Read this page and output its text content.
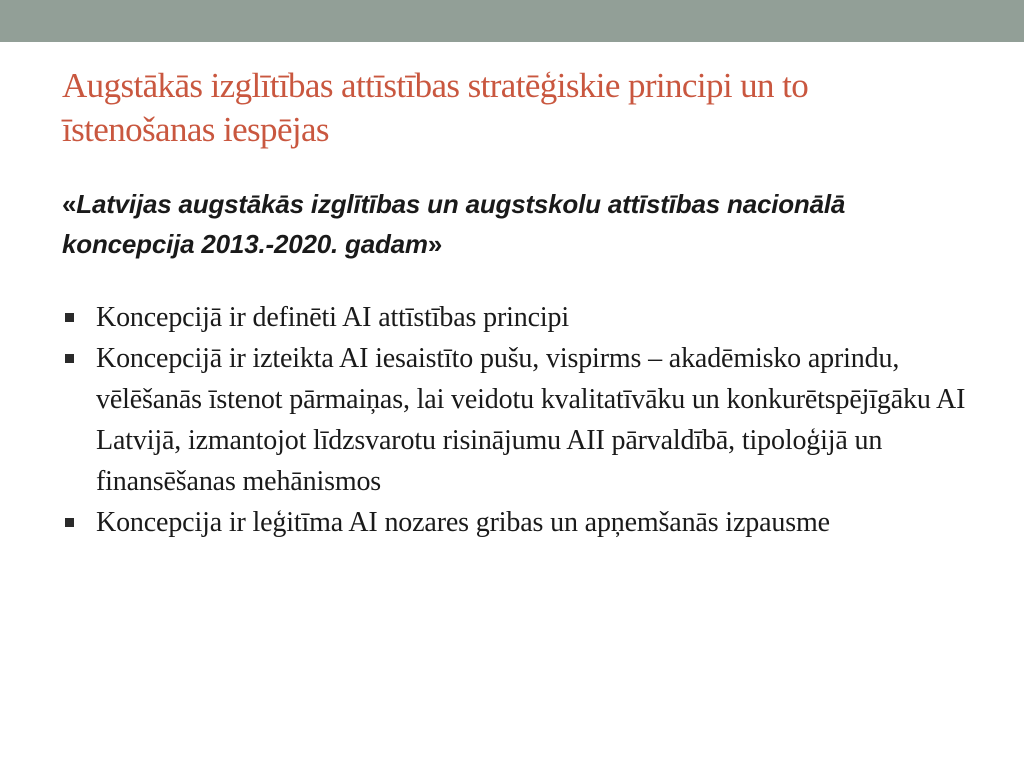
Augstākās izglītības attīstības stratēģiskie principi un to īstenošanas iespējas

«Latvijas augstākās izglītības un augstskolu attīstības nacionālā koncepcija 2013.-2020. gadam»

Koncepcijā ir definēti AI attīstības principi
Koncepcijā ir izteikta AI iesaistīto pušu, vispirms – akadēmisko aprindu, vēlēšanās īstenot pārmaiņas, lai veidotu kvalitatīvāku un konkurētspējīgāku AI Latvijā, izmantojot līdzsvarotu risinājumu AII pārvaldībā, tipoloģijā un finansēšanas mehānismos
Koncepcija ir leģitīma AI nozares gribas un apņemšanās izpausme
